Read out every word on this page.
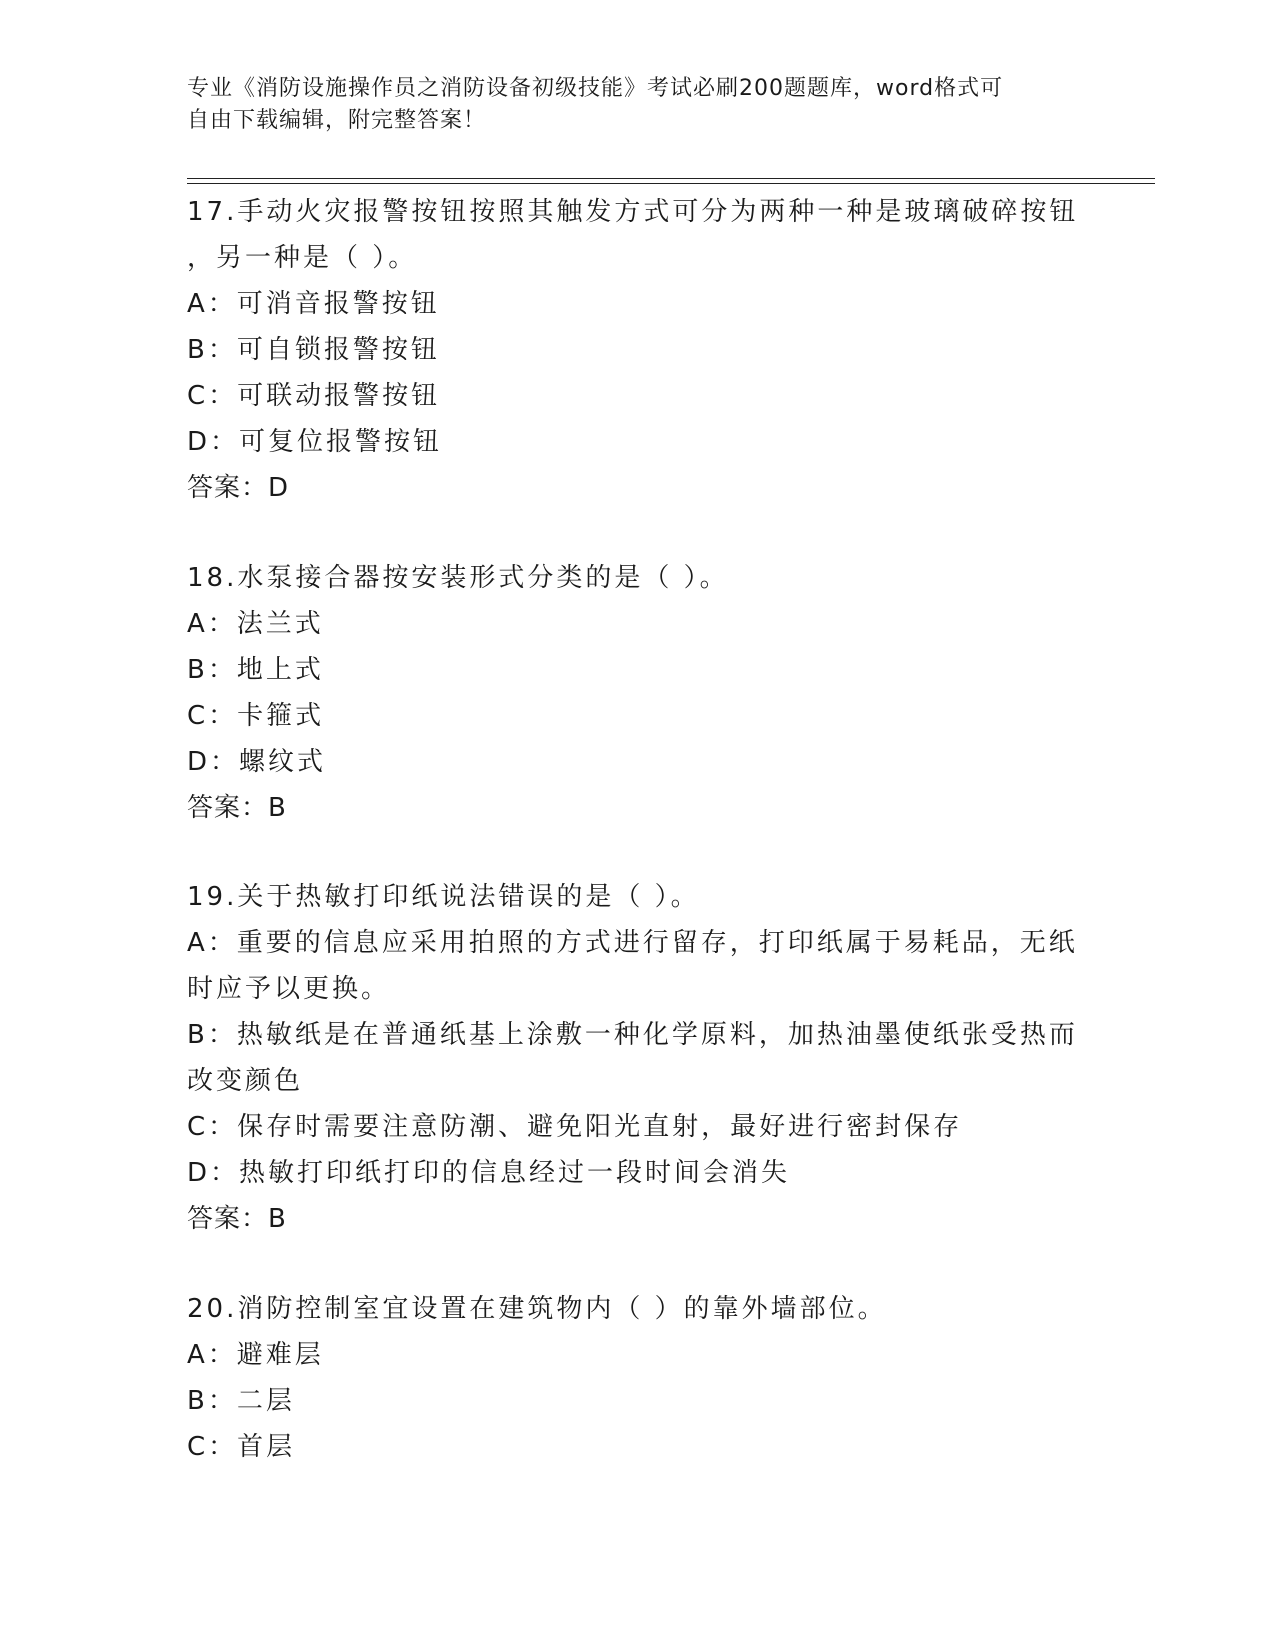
专业《消防设施操作员之消防设备初级技能》考试必刷200题题库，word格式可
自由下载编辑，附完整答案！
17.手动火灾报警按钮按照其触发方式可分为两种一种是玻璃破碎按钮
，另一种是（ ）。
A：可消音报警按钮
B：可自锁报警按钮
C：可联动报警按钮
D：可复位报警按钮
答案：D
18.水泵接合器按安装形式分类的是（ ）。
A：法兰式
B：地上式
C：卡箍式
D：螺纹式
答案：B
19.关于热敏打印纸说法错误的是（ ）。
A：重要的信息应采用拍照的方式进行留存，打印纸属于易耗品，无纸
时应予以更换。
B：热敏纸是在普通纸基上涂敷一种化学原料，加热油墨使纸张受热而
改变颜色
C：保存时需要注意防潮、避免阳光直射，最好进行密封保存
D：热敏打印纸打印的信息经过一段时间会消失
答案：B
20.消防控制室宜设置在建筑物内（ ）的靠外墙部位。
A：避难层
B：二层
C：首层
